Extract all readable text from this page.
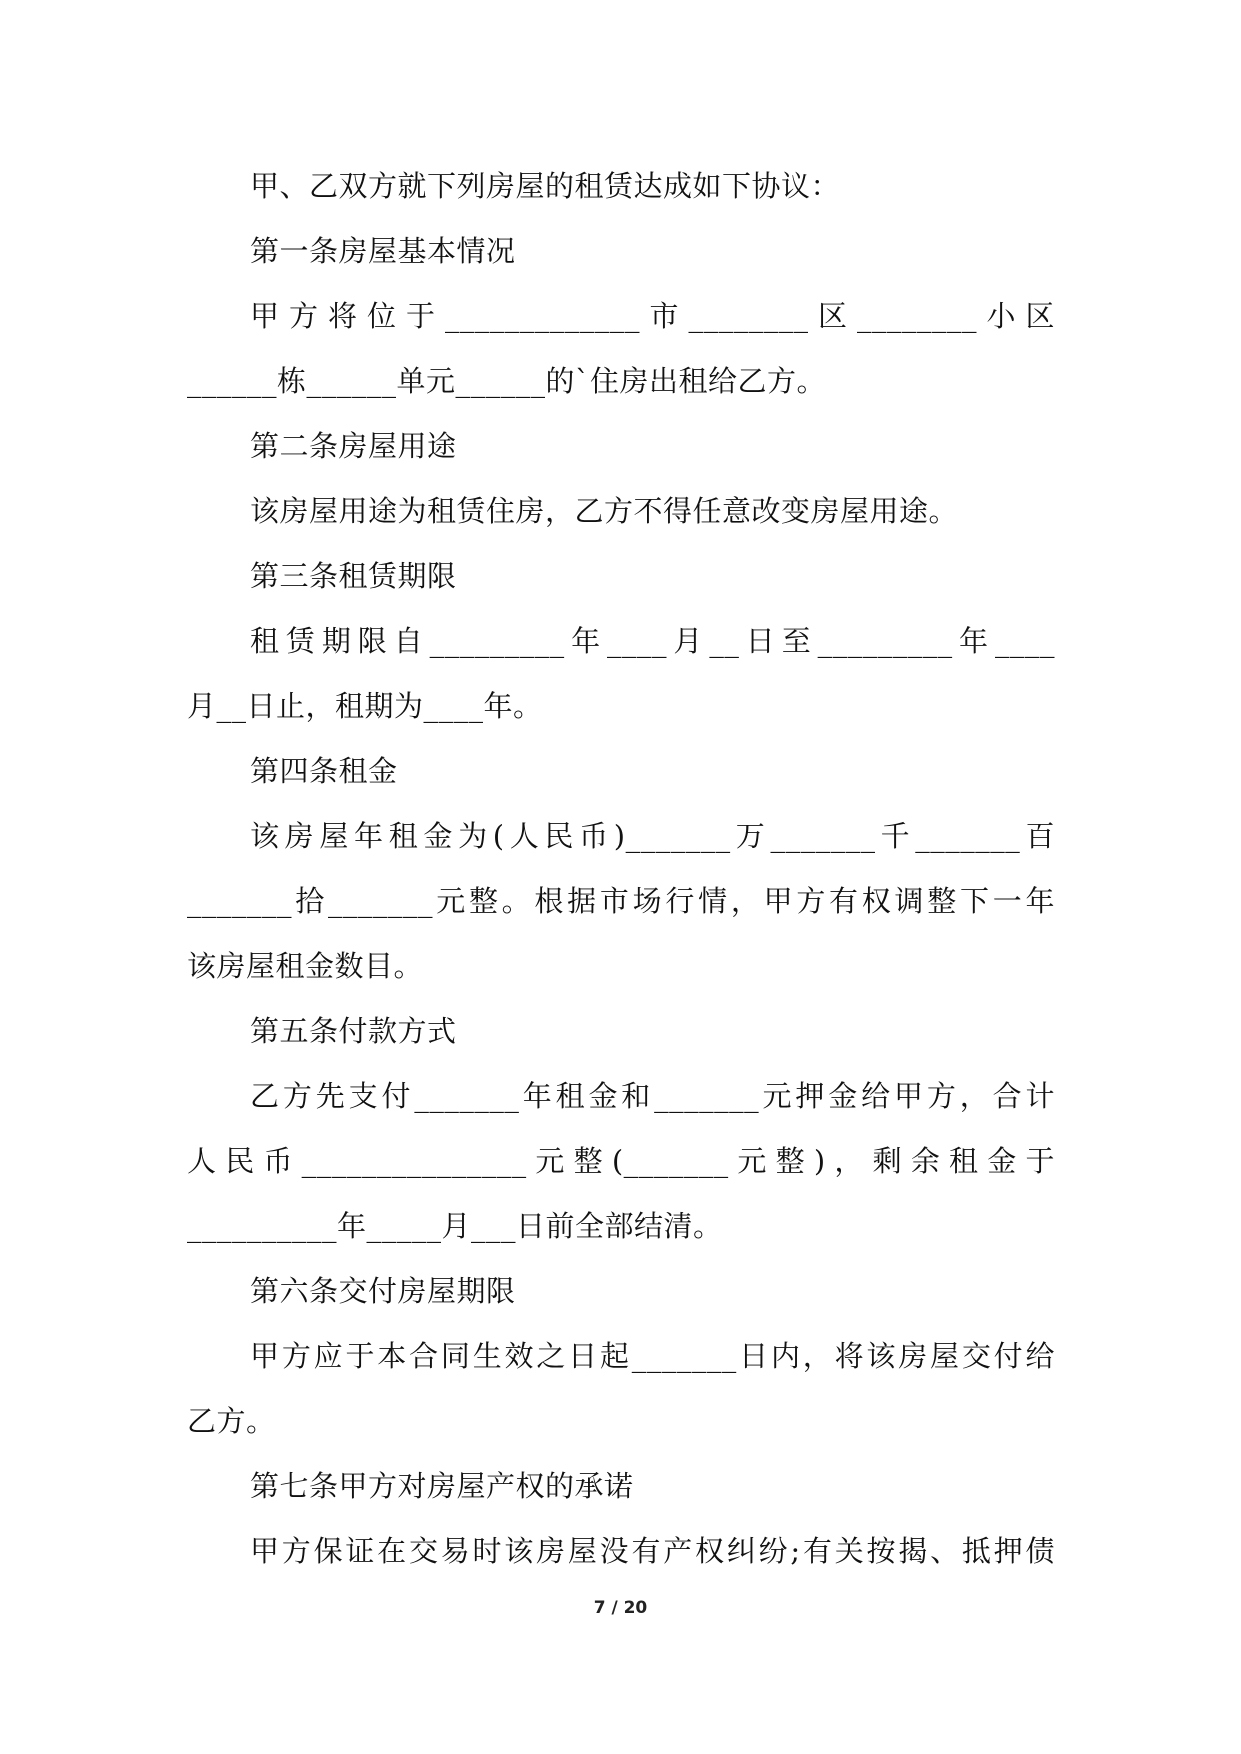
甲、乙双方就下列房屋的租赁达成如下协议：
第一条房屋基本情况
甲方将位于_____________市________区________小区
______栋______单元______的`住房出租给乙方。
第二条房屋用途
该房屋用途为租赁住房，乙方不得任意改变房屋用途。
第三条租赁期限
租赁期限自_________年____月__日至_________年____
月__日止，租期为____年。
第四条租金
该房屋年租金为(人民币)_______万_______千_______百
_______拾_______元整。根据市场行情，甲方有权调整下一年
该房屋租金数目。
第五条付款方式
乙方先支付_______年租金和_______元押金给甲方，合计
人民币_______________元整(_______元整)，剩余租金于
__________年_____月___日前全部结清。
第六条交付房屋期限
甲方应于本合同生效之日起_______日内，将该房屋交付给
乙方。
第七条甲方对房屋产权的承诺
甲方保证在交易时该房屋没有产权纠纷;有关按揭、抵押债
7 / 20
